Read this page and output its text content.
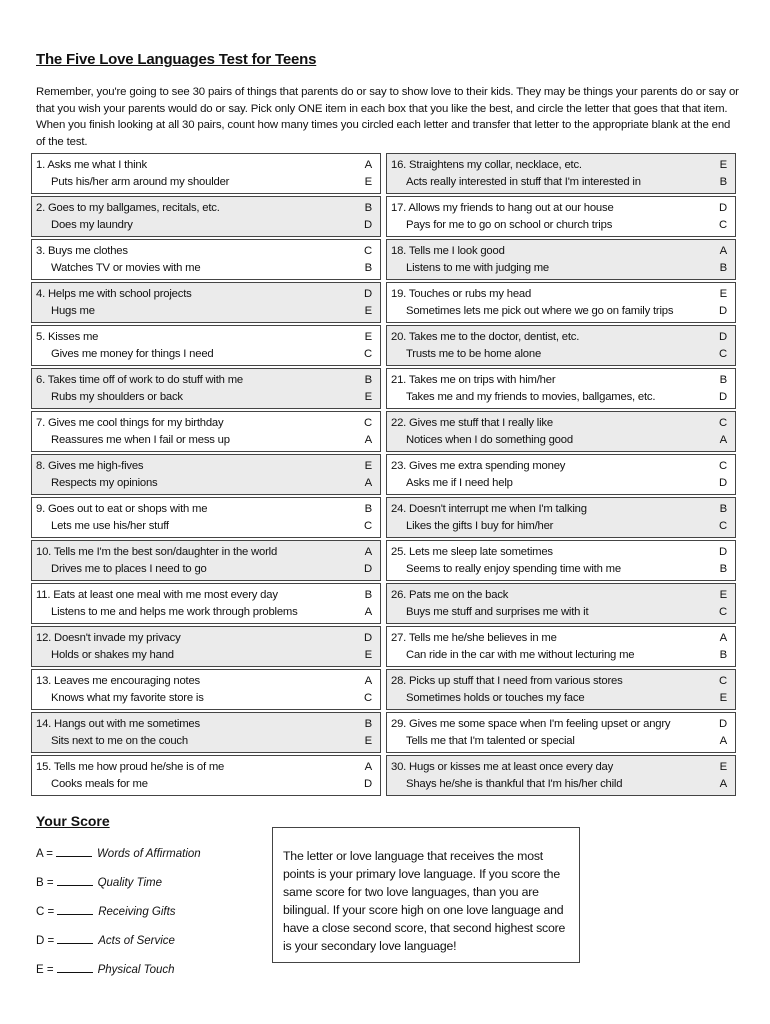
The Five Love Languages Test for Teens
Remember, you're going to see 30 pairs of things that parents do or say to show love to their kids. They may be things your parents do or say or that you wish your parents would do or say. Pick only ONE item in each box that you like the best, and circle the letter that goes that that item. When you finish looking at all 30 pairs, count how many times you circled each letter and transfer that letter to the appropriate blank at the end of the test.
1. Asks me what I think	A
Puts his/her arm around my shoulder	E
2. Goes to my ballgames, recitals, etc.	B
Does my laundry	D
3. Buys me clothes	C
Watches TV or movies with me	B
4. Helps me with school projects	D
Hugs me	E
5. Kisses me	E
Gives me money for things I need	C
6. Takes time off of work to do stuff with me	B
Rubs my shoulders or back	E
7. Gives me cool things for my birthday	C
Reassures me when I fail or mess up	A
8. Gives me high-fives	E
Respects my opinions	A
9. Goes out to eat or shops with me	B
Lets me use his/her stuff	C
10. Tells me I'm the best son/daughter in the world	A
Drives me to places I need to go	D
11. Eats at least one meal with me most every day	B
Listens to me and helps me work through problems	A
12. Doesn't invade my privacy	D
Holds or shakes my hand	E
13. Leaves me encouraging notes	A
Knows what my favorite store is	C
14. Hangs out with me sometimes	B
Sits next to me on the couch	E
15. Tells me how proud he/she is of me	A
Cooks meals for me	D
16. Straightens my collar, necklace, etc.	E
Acts really interested in stuff that I'm interested in	B
17. Allows my friends to hang out at our house	D
Pays for me to go on school or church trips	C
18. Tells me I look good	A
Listens to me with judging me	B
19. Touches or rubs my head	E
Sometimes lets me pick out where we go on family trips	D
20. Takes me to the doctor, dentist, etc.	D
Trusts me to be home alone	C
21. Takes me on trips with him/her	B
Takes me and my friends to movies, ballgames, etc.	D
22. Gives me stuff that I really like	C
Notices when I do something good	A
23. Gives me extra spending money	C
Asks me if I need help	D
24. Doesn't interrupt me when I'm talking	B
Likes the gifts I buy for him/her	C
25. Lets me sleep late sometimes	D
Seems to really enjoy spending time with me	B
26. Pats me on the back	E
Buys me stuff and surprises me with it	C
27. Tells me he/she believes in me	A
Can ride in the car with me without lecturing me	B
28. Picks up stuff that I need from various stores	C
Sometimes holds or touches my face	E
29. Gives me some space when I'm feeling upset or angry	D
Tells me that I'm talented or special	A
30. Hugs or kisses me at least once every day	E
Shays he/she is thankful that I'm his/her child	A
Your Score
A =	Words of Affirmation
B =	Quality Time
C =	Receiving Gifts
D =	Acts of Service
E =	Physical Touch
The letter or love language that receives the most points is your primary love language. If you score the same score for two love languages, than you are bilingual. If your score high on one love language and have a close second score, that second highest score is your secondary love language!
